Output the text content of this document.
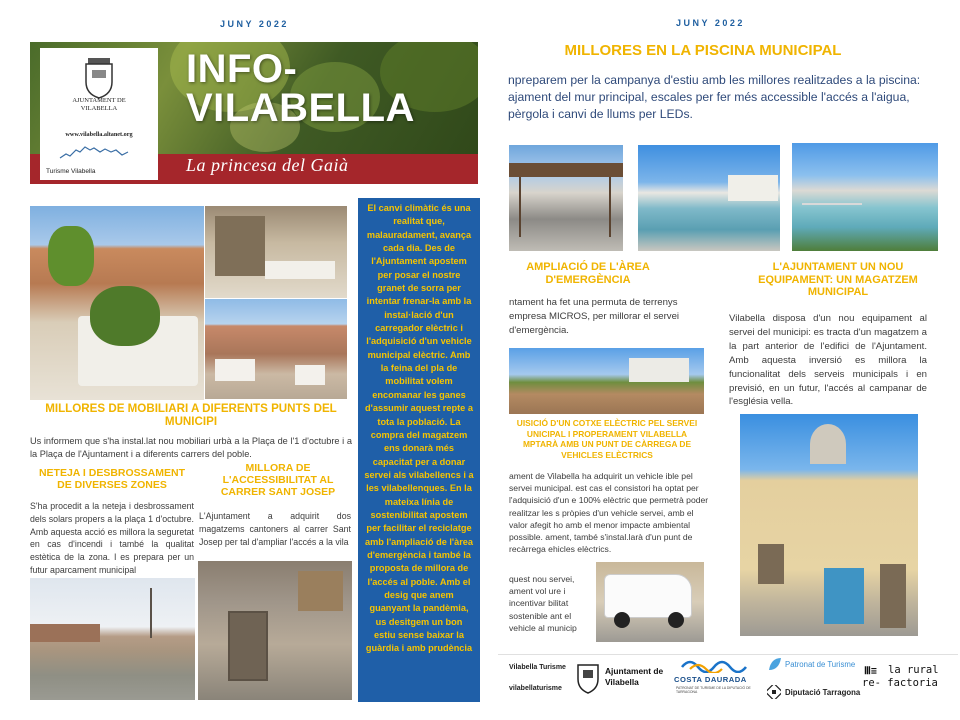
JUNY 2022
AJUNTAMENT DE
VILABELLA
www.vilabella.altanet.org
Turisme Vilabella
INFO-
VILABELLA
La princesa del Gaià
MILLORES DE MOBILIARI A DIFERENTS PUNTS DEL MUNICIPI
Us informem que s'ha instal.lat nou mobiliari urbà a la Plaça de l'1 d'octubre i a la Plaça de l'Ajuntament i a diferents carrers del poble.
NETEJA I DESBROSSAMENT DE DIVERSES ZONES
S'ha procedit a la neteja i desbrossament dels solars propers a la plaça 1 d'octubre. Amb aquesta acció es millora la seguretat en cas d'incendi i també la qualitat estètica de la zona. I es prepara per un futur aparcament municipal
MILLORA DE L'ACCESSIBILITAT AL CARRER SANT JOSEP
L'Ajuntament a adquirit dos magatzems cantoners al carrer Sant Josep per tal d'ampliar l'accés a la vila
El canvi climàtic és una realitat que, malauradament, avança cada dia. Des de l'Ajuntament apostem per posar el nostre granet de sorra per intentar frenar-la amb la instal·lació d'un carregador elèctric i l'adquisició d'un vehicle municipal elèctric. Amb la feina del pla de mobilitat volem encomanar les ganes d'assumir aquest repte a tota la població. La compra del magatzem ens donarà més capacitat per a donar servei als vilabellencs i a les vilabellenques. En la mateixa línia de sostenibilitat apostem per facilitar el reciclatge amb l'ampliació de l'àrea d'emergència i també la proposta de millora de l'accés al poble. Amb el desig que anem guanyant la pandèmia, us desitgem un bon estiu sense baixar la guàrdia i amb prudència
JUNY 2022
MILLORES EN LA PISCINA MUNICIPAL
npreparem per la campanya d'estiu amb les millores realitzades a la piscina:
ajament del mur principal, escales per fer més accessible l'accés a l'aigua,
pèrgola i canvi de llums per LEDs.
AMPLIACIÓ DE L'ÀREA D'EMERGÈNCIA
ntament ha fet una permuta de terrenys empresa MICROS, per millorar el servei d'emergència.
UISICIÓ D'UN COTXE ELÈCTRIC PEL SERVEI UNICIPAL I PROPERAMENT VILABELLA MPTARÀ AMB UN PUNT DE CÀRREGA DE VEHICLES ELÈCTRICS
ament de Vilabella ha adquirit un vehicle ible pel servei municipal. est cas el consistori ha optat per l'adquisició d'un e 100% elèctric que permetrà poder realitzar les s pròpies d'un vehicle servei, amb el valor afegit ho amb el menor impacte ambiental possible. ament, també s'instal.larà d'un punt de recàrrega ehicles elèctrics.
quest nou servei, ament vol ure i incentivar bilitat sostenible ant el vehicle al municip
L'AJUNTAMENT UN NOU EQUIPAMENT: UN MAGATZEM MUNICIPAL
Vilabella disposa d'un nou equipament al servei del municipi: es tracta d'un magatzem a la part anterior de l'edifici de l'Ajuntament. Amb aquesta inversió es millora la funcionalitat dels serveis municipals i en previsió, en un futur, l'accés al campanar de l'església vella.
Vilabella Turisme
vilabellaturisme
Ajuntament de
Vilabella	COSTA DAURADA
PATRONAT DE TURISME DE LA DIPUTACIÓ DE TARRAGONA
Patronat de Turisme
Diputació Tarragona
Ⅲ≡ la rural
re- factoria
